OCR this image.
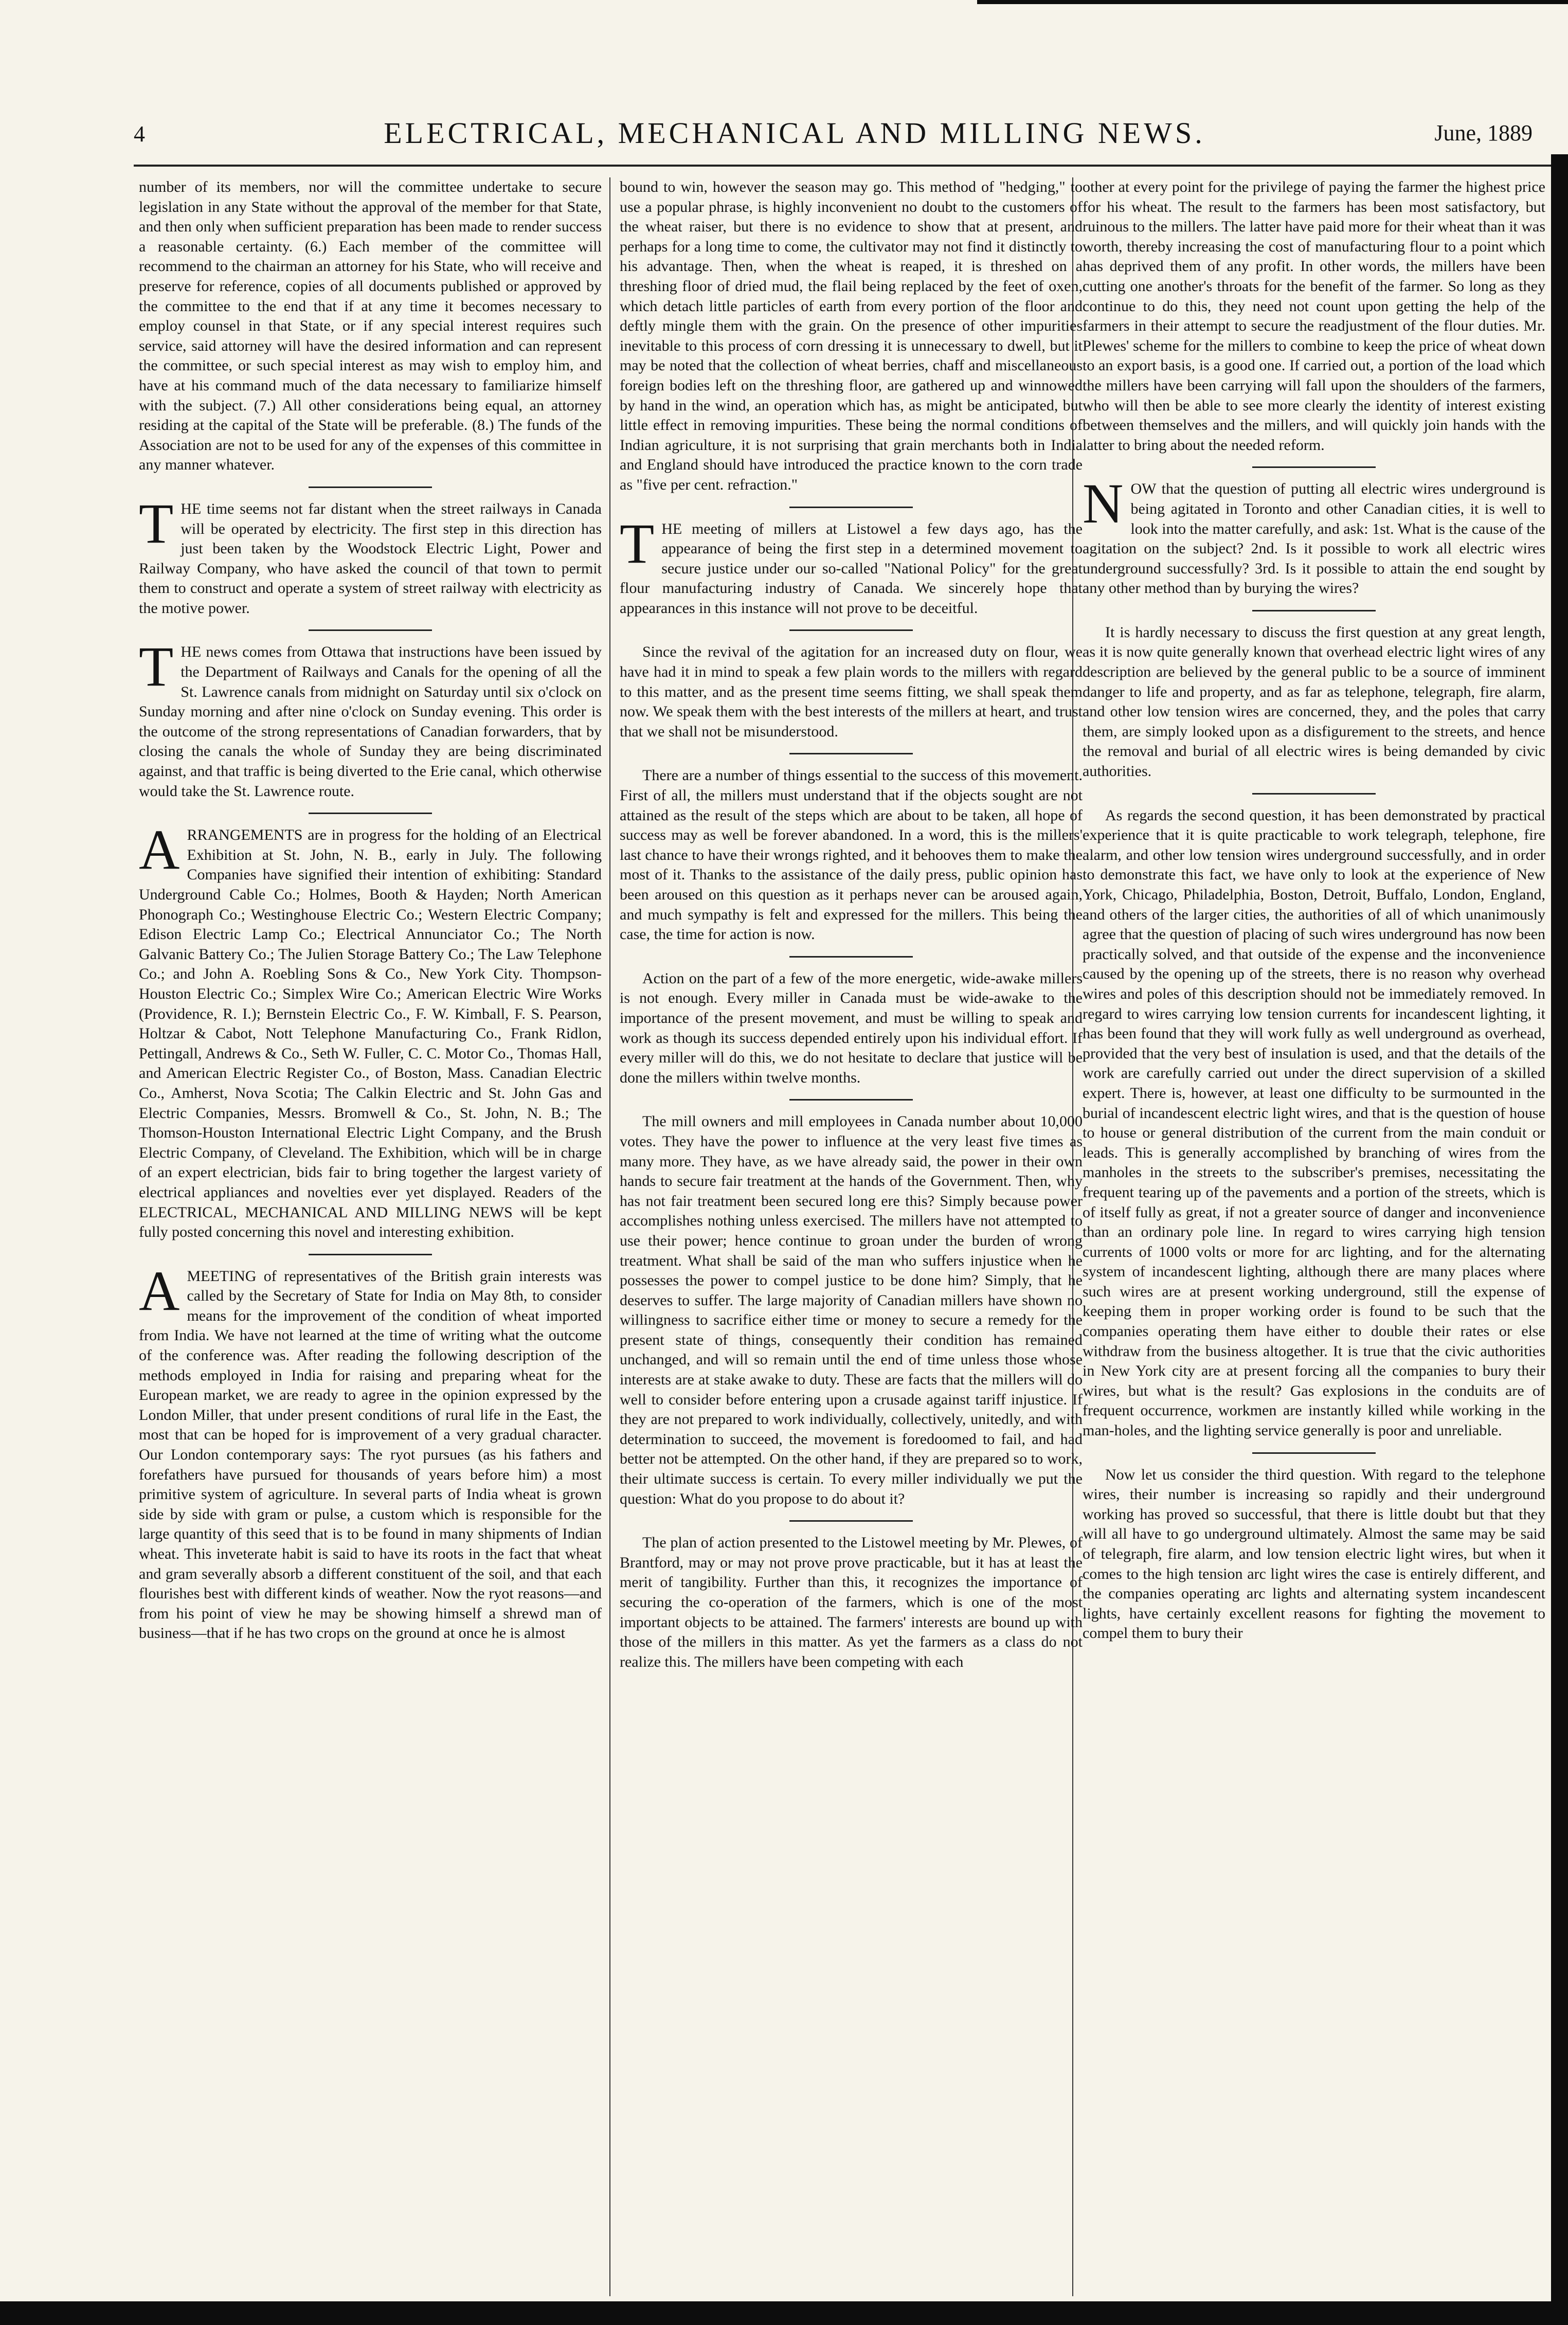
4	ELECTRICAL, MECHANICAL AND MILLING NEWS.	June, 1889

number of its members, nor will the committee undertake to secure legislation in any State without the approval of the member for that State, and then only when sufficient preparation has been made to render success a reasonable certainty. (6.) Each member of the committee will recommend to the chairman an attorney for his State, who will receive and preserve for reference, copies of all documents published or approved by the committee to the end that if at any time it becomes necessary to employ counsel in that State, or if any special interest requires such service, said attorney will have the desired information and can represent the committee, or such special interest as may wish to employ him, and have at his command much of the data necessary to familiarize himself with the subject. (7.) All other considerations being equal, an attorney residing at the capital of the State will be preferable. (8.) The funds of the Association are not to be used for any of the expenses of this committee in any manner whatever.

THE time seems not far distant when the street railways in Canada will be operated by electricity. The first step in this direction has just been taken by the Woodstock Electric Light, Power and Railway Company, who have asked the council of that town to permit them to construct and operate a system of street railway with electricity as the motive power.

THE news comes from Ottawa that instructions have been issued by the Department of Railways and Canals for the opening of all the St. Lawrence canals from midnight on Saturday until six o'clock on Sunday morning and after nine o'clock on Sunday evening. This order is the outcome of the strong representations of Canadian forwarders, that by closing the canals the whole of Sunday they are being discriminated against, and that traffic is being diverted to the Erie canal, which otherwise would take the St. Lawrence route.

ARRANGEMENTS are in progress for the holding of an Electrical Exhibition at St. John, N. B., early in July. The following Companies have signified their intention of exhibiting: Standard Underground Cable Co.; Holmes, Booth & Hayden; North American Phonograph Co.; Westinghouse Electric Co.; Western Electric Company; Edison Electric Lamp Co.; Electrical Annunciator Co.; The North Galvanic Battery Co.; The Julien Storage Battery Co.; The Law Telephone Co.; and John A. Roebling Sons & Co., New York City. Thompson-Houston Electric Co.; Simplex Wire Co.; American Electric Wire Works (Providence, R. I.); Bernstein Electric Co., F. W. Kimball, F. S. Pearson, Holtzar & Cabot, Nott Telephone Manufacturing Co., Frank Ridlon, Pettingall, Andrews & Co., Seth W. Fuller, C. C. Motor Co., Thomas Hall, and American Electric Register Co., of Boston, Mass. Canadian Electric Co., Amherst, Nova Scotia; The Calkin Electric and St. John Gas and Electric Companies, Messrs. Bromwell & Co., St. John, N. B.; The Thomson-Houston International Electric Light Company, and the Brush Electric Company, of Cleveland. The Exhibition, which will be in charge of an expert electrician, bids fair to bring together the largest variety of electrical appliances and novelties ever yet displayed. Readers of the ELECTRICAL, MECHANICAL AND MILLING NEWS will be kept fully posted concerning this novel and interesting exhibition.

AMEETING of representatives of the British grain interests was called by the Secretary of State for India on May 8th, to consider means for the improvement of the condition of wheat imported from India. We have not learned at the time of writing what the outcome of the conference was. After reading the following description of the methods employed in India for raising and preparing wheat for the European market, we are ready to agree in the opinion expressed by the London Miller, that under present conditions of rural life in the East, the most that can be hoped for is improvement of a very gradual character. Our London contemporary says: The ryot pursues (as his fathers and forefathers have pursued for thousands of years before him) a most primitive system of agriculture. In several parts of India wheat is grown side by side with gram or pulse, a custom which is responsible for the large quantity of this seed that is to be found in many shipments of Indian wheat. This inveterate habit is said to have its roots in the fact that wheat and gram severally absorb a different constituent of the soil, and that each flourishes best with different kinds of weather. Now the ryot reasons—and from his point of view he may be showing himself a shrewd man of business—that if he has two crops on the ground at once he is almost

bound to win, however the season may go. This method of "hedging," to use a popular phrase, is highly inconvenient no doubt to the customers of the wheat raiser, but there is no evidence to show that at present, and perhaps for a long time to come, the cultivator may not find it distinctly to his advantage. Then, when the wheat is reaped, it is threshed on a threshing floor of dried mud, the flail being replaced by the feet of oxen, which detach little particles of earth from every portion of the floor and deftly mingle them with the grain. On the presence of other impurities inevitable to this process of corn dressing it is unnecessary to dwell, but it may be noted that the collection of wheat berries, chaff and miscellaneous foreign bodies left on the threshing floor, are gathered up and winnowed by hand in the wind, an operation which has, as might be anticipated, but little effect in removing impurities. These being the normal conditions of Indian agriculture, it is not surprising that grain merchants both in India and England should have introduced the practice known to the corn trade as "five per cent. refraction."

THE meeting of millers at Listowel a few days ago, has the appearance of being the first step in a determined movement to secure justice under our so-called "National Policy" for the great flour manufacturing industry of Canada. We sincerely hope that appearances in this instance will not prove to be deceitful.

Since the revival of the agitation for an increased duty on flour, we have had it in mind to speak a few plain words to the millers with regard to this matter, and as the present time seems fitting, we shall speak them now. We speak them with the best interests of the millers at heart, and trust that we shall not be misunderstood.

There are a number of things essential to the success of this movement. First of all, the millers must understand that if the objects sought are not attained as the result of the steps which are about to be taken, all hope of success may as well be forever abandoned. In a word, this is the millers' last chance to have their wrongs righted, and it behooves them to make the most of it. Thanks to the assistance of the daily press, public opinion has been aroused on this question as it perhaps never can be aroused again, and much sympathy is felt and expressed for the millers. This being the case, the time for action is now.

Action on the part of a few of the more energetic, wide-awake millers is not enough. Every miller in Canada must be wide-awake to the importance of the present movement, and must be willing to speak and work as though its success depended entirely upon his individual effort. If every miller will do this, we do not hesitate to declare that justice will be done the millers within twelve months.

The mill owners and mill employees in Canada number about 10,000 votes. They have the power to influence at the very least five times as many more. They have, as we have already said, the power in their own hands to secure fair treatment at the hands of the Government. Then, why has not fair treatment been secured long ere this? Simply because power accomplishes nothing unless exercised. The millers have not attempted to use their power; hence continue to groan under the burden of wrong treatment. What shall be said of the man who suffers injustice when he possesses the power to compel justice to be done him? Simply, that he deserves to suffer. The large majority of Canadian millers have shown no willingness to sacrifice either time or money to secure a remedy for the present state of things, consequently their condition has remained unchanged, and will so remain until the end of time unless those whose interests are at stake awake to duty. These are facts that the millers will do well to consider before entering upon a crusade against tariff injustice. If they are not prepared to work individually, collectively, unitedly, and with determination to succeed, the movement is foredoomed to fail, and had better not be attempted. On the other hand, if they are prepared so to work, their ultimate success is certain. To every miller individually we put the question: What do you propose to do about it?

The plan of action presented to the Listowel meeting by Mr. Plewes, of Brantford, may or may not prove prove practicable, but it has at least the merit of tangibility. Further than this, it recognizes the importance of securing the co-operation of the farmers, which is one of the most important objects to be attained. The farmers' interests are bound up with those of the millers in this matter. As yet the farmers as a class do not realize this. The millers have been competing with each

other at every point for the privilege of paying the farmer the highest price for his wheat. The result to the farmers has been most satisfactory, but ruinous to the millers. The latter have paid more for their wheat than it was worth, thereby increasing the cost of manufacturing flour to a point which has deprived them of any profit. In other words, the millers have been cutting one another's throats for the benefit of the farmer. So long as they continue to do this, they need not count upon getting the help of the farmers in their attempt to secure the readjustment of the flour duties. Mr. Plewes' scheme for the millers to combine to keep the price of wheat down to an export basis, is a good one. If carried out, a portion of the load which the millers have been carrying will fall upon the shoulders of the farmers, who will then be able to see more clearly the identity of interest existing between themselves and the millers, and will quickly join hands with the latter to bring about the needed reform.

NOW that the question of putting all electric wires underground is being agitated in Toronto and other Canadian cities, it is well to look into the matter carefully, and ask: 1st. What is the cause of the agitation on the subject? 2nd. Is it possible to work all electric wires underground successfully? 3rd. Is it possible to attain the end sought by any other method than by burying the wires?

It is hardly necessary to discuss the first question at any great length, as it is now quite generally known that overhead electric light wires of any description are believed by the general public to be a source of imminent danger to life and property, and as far as telephone, telegraph, fire alarm, and other low tension wires are concerned, they, and the poles that carry them, are simply looked upon as a disfigurement to the streets, and hence the removal and burial of all electric wires is being demanded by civic authorities.

As regards the second question, it has been demonstrated by practical experience that it is quite practicable to work telegraph, telephone, fire alarm, and other low tension wires underground successfully, and in order to demonstrate this fact, we have only to look at the experience of New York, Chicago, Philadelphia, Boston, Detroit, Buffalo, London, England, and others of the larger cities, the authorities of all of which unanimously agree that the question of placing of such wires underground has now been practically solved, and that outside of the expense and the inconvenience caused by the opening up of the streets, there is no reason why overhead wires and poles of this description should not be immediately removed. In regard to wires carrying low tension currents for incandescent lighting, it has been found that they will work fully as well underground as overhead, provided that the very best of insulation is used, and that the details of the work are carefully carried out under the direct supervision of a skilled expert. There is, however, at least one difficulty to be surmounted in the burial of incandescent electric light wires, and that is the question of house to house or general distribution of the current from the main conduit or leads. This is generally accomplished by branching of wires from the manholes in the streets to the subscriber's premises, necessitating the frequent tearing up of the pavements and a portion of the streets, which is of itself fully as great, if not a greater source of danger and inconvenience than an ordinary pole line. In regard to wires carrying high tension currents of 1000 volts or more for arc lighting, and for the alternating system of incandescent lighting, although there are many places where such wires are at present working underground, still the expense of keeping them in proper working order is found to be such that the companies operating them have either to double their rates or else withdraw from the business altogether. It is true that the civic authorities in New York city are at present forcing all the companies to bury their wires, but what is the result? Gas explosions in the conduits are of frequent occurrence, workmen are instantly killed while working in the man-holes, and the lighting service generally is poor and unreliable.

Now let us consider the third question. With regard to the telephone wires, their number is increasing so rapidly and their underground working has proved so successful, that there is little doubt but that they will all have to go underground ultimately. Almost the same may be said of telegraph, fire alarm, and low tension electric light wires, but when it comes to the high tension arc light wires the case is entirely different, and the companies operating arc lights and alternating system incandescent lights, have certainly excellent reasons for fighting the movement to compel them to bury their
